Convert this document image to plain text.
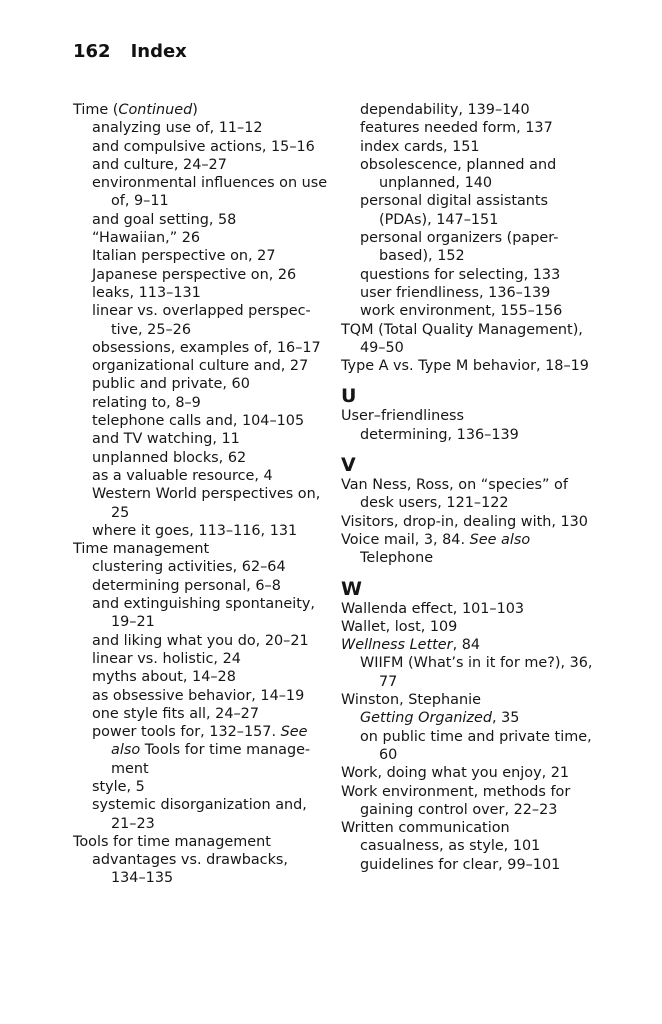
162 Index
Time (Continued)
analyzing use of, 11–12
and compulsive actions, 15–16
and culture, 24–27
environmental influences on use
of, 9–11
and goal setting, 58
“Hawaiian,” 26
Italian perspective on, 27
Japanese perspective on, 26
leaks, 113–131
linear vs. overlapped perspec-
tive, 25–26
obsessions, examples of, 16–17
organizational culture and, 27
public and private, 60
relating to, 8–9
telephone calls and, 104–105
and TV watching, 11
unplanned blocks, 62
as a valuable resource, 4
Western World perspectives on,
25
where it goes, 113–116, 131
Time management
clustering activities, 62–64
determining personal, 6–8
and extinguishing spontaneity,
19–21
and liking what you do, 20–21
linear vs. holistic, 24
myths about, 14–28
as obsessive behavior, 14–19
one style fits all, 24–27
power tools for, 132–157. See
also Tools for time manage-
ment
style, 5
systemic disorganization and,
21–23
Tools for time management
advantages vs. drawbacks,
134–135
dependability, 139–140
features needed form, 137
index cards, 151
obsolescence, planned and
unplanned, 140
personal digital assistants
(PDAs), 147–151
personal organizers (paper-
based), 152
questions for selecting, 133
user friendliness, 136–139
work environment, 155–156
TQM (Total Quality Management),
49–50
Type A vs. Type M behavior, 18–19
U
User–friendliness
determining, 136–139
V
Van Ness, Ross, on “species” of
desk users, 121–122
Visitors, drop-in, dealing with, 130
Voice mail, 3, 84. See also
Telephone
W
Wallenda effect, 101–103
Wallet, lost, 109
Wellness Letter, 84
WIIFM (What’s in it for me?), 36,
77
Winston, Stephanie
Getting Organized, 35
on public time and private time,
60
Work, doing what you enjoy, 21
Work environment, methods for
gaining control over, 22–23
Written communication
casualness, as style, 101
guidelines for clear, 99–101
